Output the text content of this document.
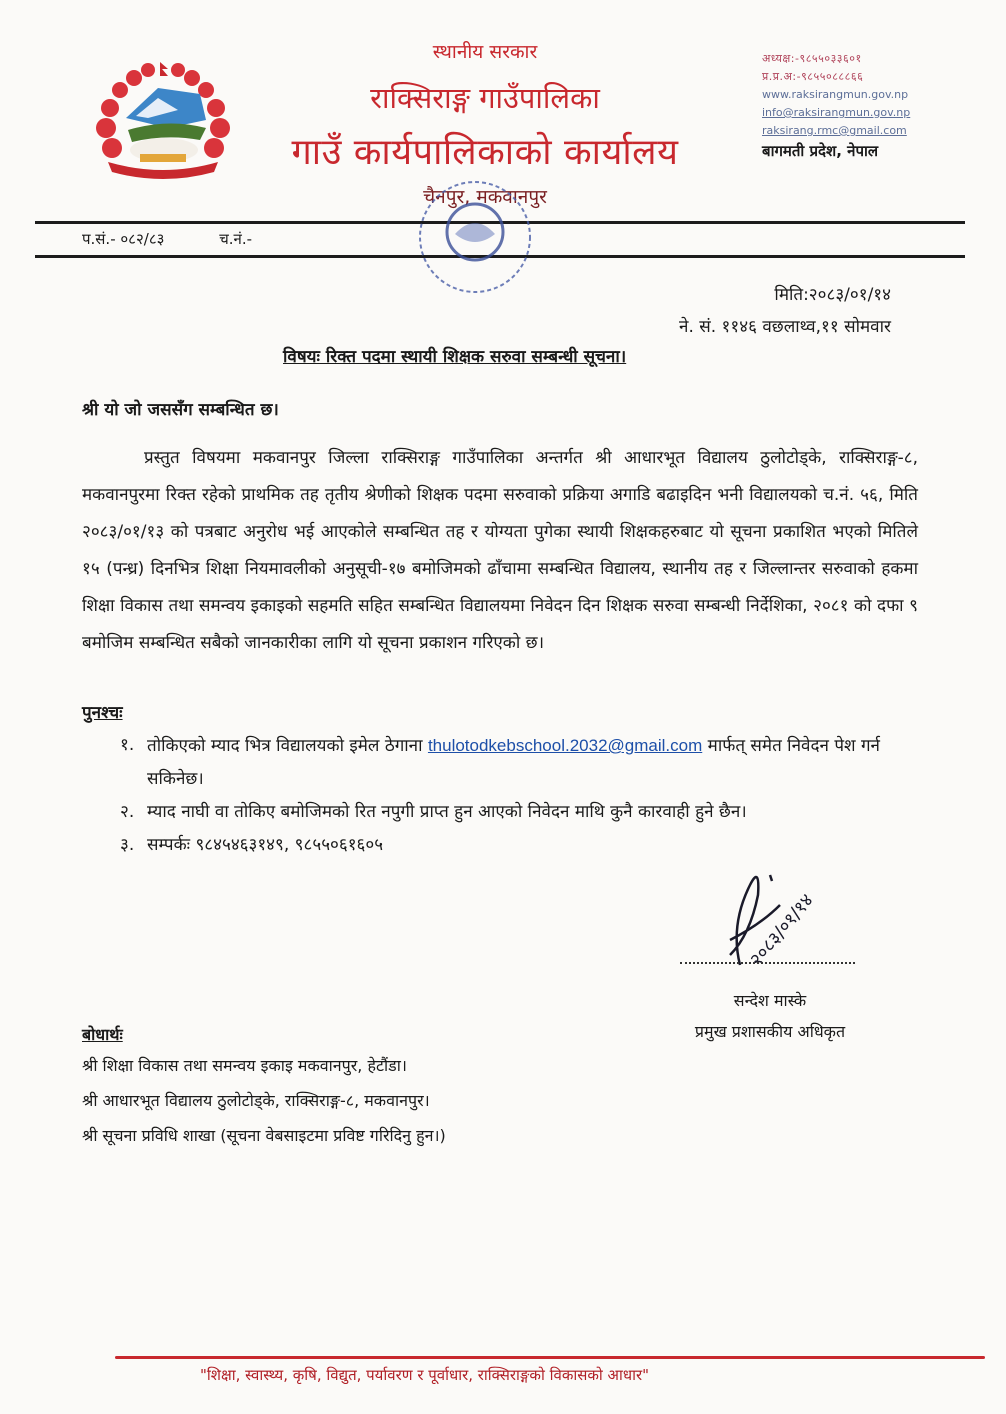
स्थानीय सरकार
राक्सिराङ्ग गाउँपालिका
गाउँ कार्यपालिकाको कार्यालय
चैनपुर, मकवानपुर
अध्यक्ष:-९८५५०३३६०१
प्र.प्र.अ:-९८५५०८८८६६
www.raksirangmun.gov.np
info@raksirangmun.gov.np
raksirang.rmc@gmail.com
बागमती प्रदेश, नेपाल
प.सं.- ०८२/८३	च.नं.-
मिति:२०८३/०१/१४
ने. सं. ११४६ वछलाथ्व,११ सोमवार
विषयः रिक्त पदमा स्थायी शिक्षक सरुवा सम्बन्धी सूचना।
श्री यो जो जससँग सम्बन्धित छ।
प्रस्तुत विषयमा मकवानपुर जिल्ला राक्सिराङ्ग गाउँपालिका अन्तर्गत श्री आधारभूत विद्यालय ठुलोटोड्के, राक्सिराङ्ग-८, मकवानपुरमा रिक्त रहेको प्राथमिक तह तृतीय श्रेणीको शिक्षक पदमा सरुवाको प्रक्रिया अगाडि बढाइदिन भनी विद्यालयको च.नं. ५६, मिति २०८३/०१/१३ को पत्रबाट अनुरोध भई आएकोले सम्बन्धित तह र योग्यता पुगेका स्थायी शिक्षकहरुबाट यो सूचना प्रकाशित भएको मितिले १५ (पन्ध्र) दिनभित्र शिक्षा नियमावलीको अनुसूची-१७ बमोजिमको ढाँचामा सम्बन्धित विद्यालय, स्थानीय तह र जिल्लान्तर सरुवाको हकमा शिक्षा विकास तथा समन्वय इकाइको सहमति सहित सम्बन्धित विद्यालयमा निवेदन दिन शिक्षक सरुवा सम्बन्धी निर्देशिका, २०८१ को दफा ९ बमोजिम सम्बन्धित सबैको जानकारीका लागि यो सूचना प्रकाशन गरिएको छ।
पुनश्चः
१. तोकिएको म्याद भित्र विद्यालयको इमेल ठेगाना thulotodkebschool.2032@gmail.com मार्फत् समेत निवेदन पेश गर्न सकिनेछ।
२. म्याद नाघी वा तोकिए बमोजिमको रित नपुगी प्राप्त हुन आएको निवेदन माथि कुनै कारवाही हुने छैन।
३. सम्पर्कः ९८४५४६३१४९, ९८५५०६१६०५
२०८३/०१/१४
सन्देश मास्के
प्रमुख प्रशासकीय अधिकृत
बोधार्थः
श्री शिक्षा विकास तथा समन्वय इकाइ मकवानपुर, हेटौंडा।
श्री आधारभूत विद्यालय ठुलोटोड्के, राक्सिराङ्ग-८, मकवानपुर।
श्री सूचना प्रविधि शाखा (सूचना वेबसाइटमा प्रविष्ट गरिदिनु हुन।)
"शिक्षा, स्वास्थ्य, कृषि, विद्युत, पर्यावरण र पूर्वाधार, राक्सिराङ्गको विकासको आधार"
